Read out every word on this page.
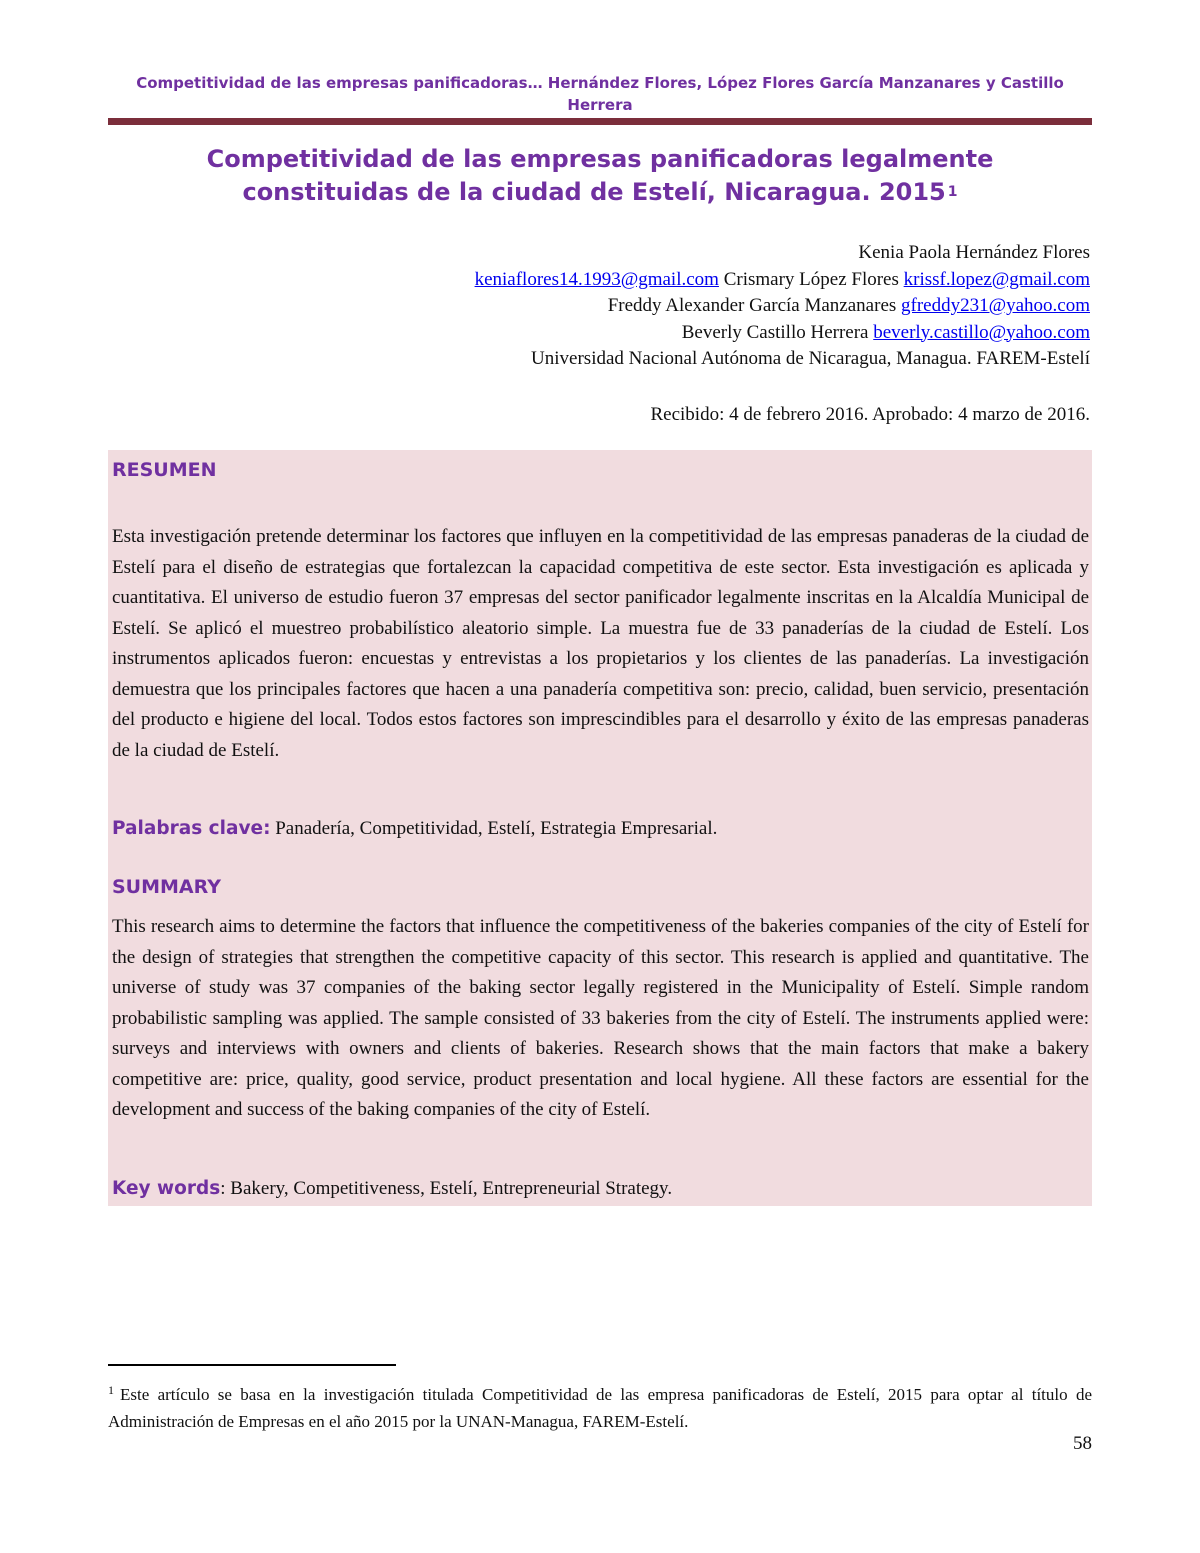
Competitividad de las empresas panificadoras… Hernández Flores, López Flores García Manzanares y Castillo Herrera
Competitividad de las empresas panificadoras legalmente constituidas de la ciudad de Estelí, Nicaragua. 2015 $^1$
Kenia Paola Hernández Flores
keniaflores14.1993@gmail.com Crismary López Flores krissf.lopez@gmail.com
Freddy Alexander García Manzanares gfreddy231@yahoo.com
Beverly Castillo Herrera beverly.castillo@yahoo.com
Universidad Nacional Autónoma de Nicaragua, Managua. FAREM-Estelí
Recibido: 4 de febrero 2016. Aprobado: 4 marzo de 2016.
RESUMEN
Esta investigación pretende determinar los factores que influyen en la competitividad de las empresas panaderas de la ciudad de Estelí para el diseño de estrategias que fortalezcan la capacidad competitiva de este sector. Esta investigación es aplicada y cuantitativa. El universo de estudio fueron 37 empresas del sector panificador legalmente inscritas en la Alcaldía Municipal de Estelí. Se aplicó el muestreo probabilístico aleatorio simple. La muestra fue de 33 panaderías de la ciudad de Estelí. Los instrumentos aplicados fueron: encuestas y entrevistas a los propietarios y los clientes de las panaderías. La investigación demuestra que los principales factores que hacen a una panadería competitiva son: precio, calidad, buen servicio, presentación del producto e higiene del local. Todos estos factores son imprescindibles para el desarrollo y éxito de las empresas panaderas de la ciudad de Estelí.
Palabras clave: Panadería, Competitividad, Estelí, Estrategia Empresarial.
SUMMARY
This research aims to determine the factors that influence the competitiveness of the bakeries companies of the city of Estelí for the design of strategies that strengthen the competitive capacity of this sector. This research is applied and quantitative. The universe of study was 37 companies of the baking sector legally registered in the Municipality of Estelí. Simple random probabilistic sampling was applied. The sample consisted of 33 bakeries from the city of Estelí. The instruments applied were: surveys and interviews with owners and clients of bakeries. Research shows that the main factors that make a bakery competitive are: price, quality, good service, product presentation and local hygiene. All these factors are essential for the development and success of the baking companies of the city of Estelí.
Key words: Bakery, Competitiveness, Estelí, Entrepreneurial Strategy.
$^1$ Este artículo se basa en la investigación titulada Competitividad de las empresa panificadoras de Estelí, 2015 para optar al título de Administración de Empresas en el año 2015 por la UNAN-Managua, FAREM-Estelí.
58
